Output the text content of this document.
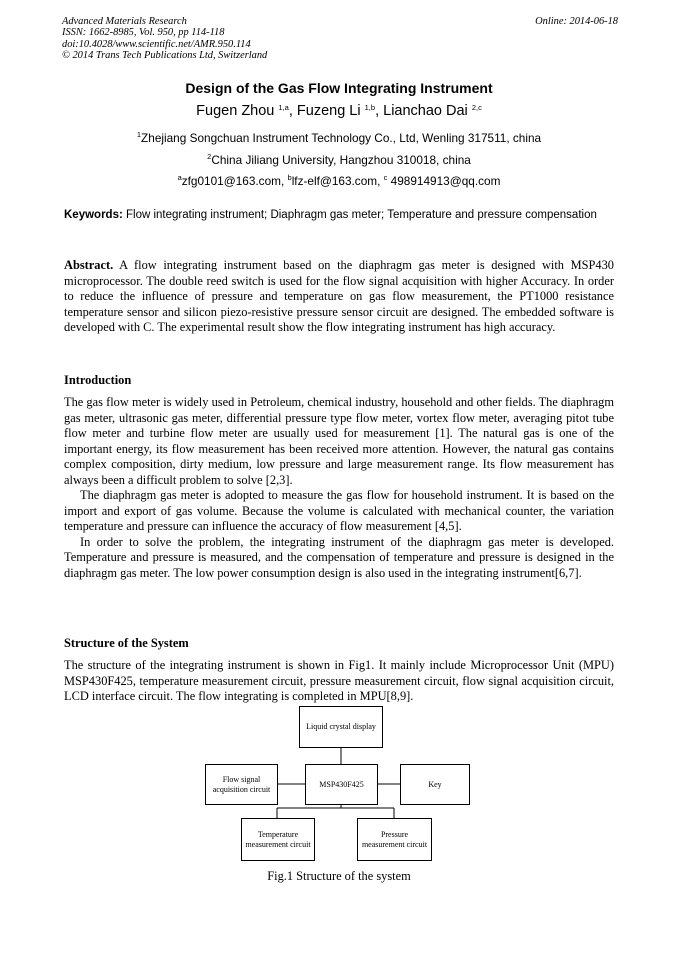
Advanced Materials Research
ISSN: 1662-8985, Vol. 950, pp 114-118
doi:10.4028/www.scientific.net/AMR.950.114
© 2014 Trans Tech Publications Ltd, Switzerland
Online: 2014-06-18
Design of the Gas Flow Integrating Instrument
Fugen Zhou $^{1,a}$, Fuzeng Li $^{1,b}$, Lianchao Dai $^{2,c}$
$^1$Zhejiang Songchuan Instrument Technology Co., Ltd, Wenling 317511, china
$^2$China Jiliang University, Hangzhou 310018, china
$^a$zfg0101@163.com, $^b$lfz-elf@163.com, $^c$ 498914913@qq.com
Keywords: Flow integrating instrument; Diaphragm gas meter; Temperature and pressure compensation
Abstract. A flow integrating instrument based on the diaphragm gas meter is designed with MSP430 microprocessor. The double reed switch is used for the flow signal acquisition with higher Accuracy. In order to reduce the influence of pressure and temperature on gas flow measurement, the PT1000 resistance temperature sensor and silicon piezo-resistive pressure sensor circuit are designed. The embedded software is developed with C. The experimental result show the flow integrating instrument has high accuracy.
Introduction
The gas flow meter is widely used in Petroleum, chemical industry, household and other fields. The diaphragm gas meter, ultrasonic gas meter, differential pressure type flow meter, vortex flow meter, averaging pitot tube flow meter and turbine flow meter are usually used for measurement [1]. The natural gas is one of the important energy, its flow measurement has been received more attention. However, the natural gas contains complex composition, dirty medium, low pressure and large measurement range. Its flow measurement has always been a difficult problem to solve [2,3].
The diaphragm gas meter is adopted to measure the gas flow for household instrument. It is based on the import and export of gas volume. Because the volume is calculated with mechanical counter, the variation temperature and pressure can influence the accuracy of flow measurement [4,5].
In order to solve the problem, the integrating instrument of the diaphragm gas meter is developed. Temperature and pressure is measured, and the compensation of temperature and pressure is designed in the diaphragm gas meter. The low power consumption design is also used in the integrating instrument[6,7].
Structure of the System
The structure of the integrating instrument is shown in Fig1. It mainly include Microprocessor Unit (MPU) MSP430F425, temperature measurement circuit, pressure measurement circuit, flow signal acquisition circuit, LCD interface circuit. The flow integrating is completed in MPU[8,9].
Liquid crystal display
Flow signal acquisition circuit
MSP430F425	Key
Temperature measurement circuit
Pressure measurement circuit
Fig.1 Structure of the system
